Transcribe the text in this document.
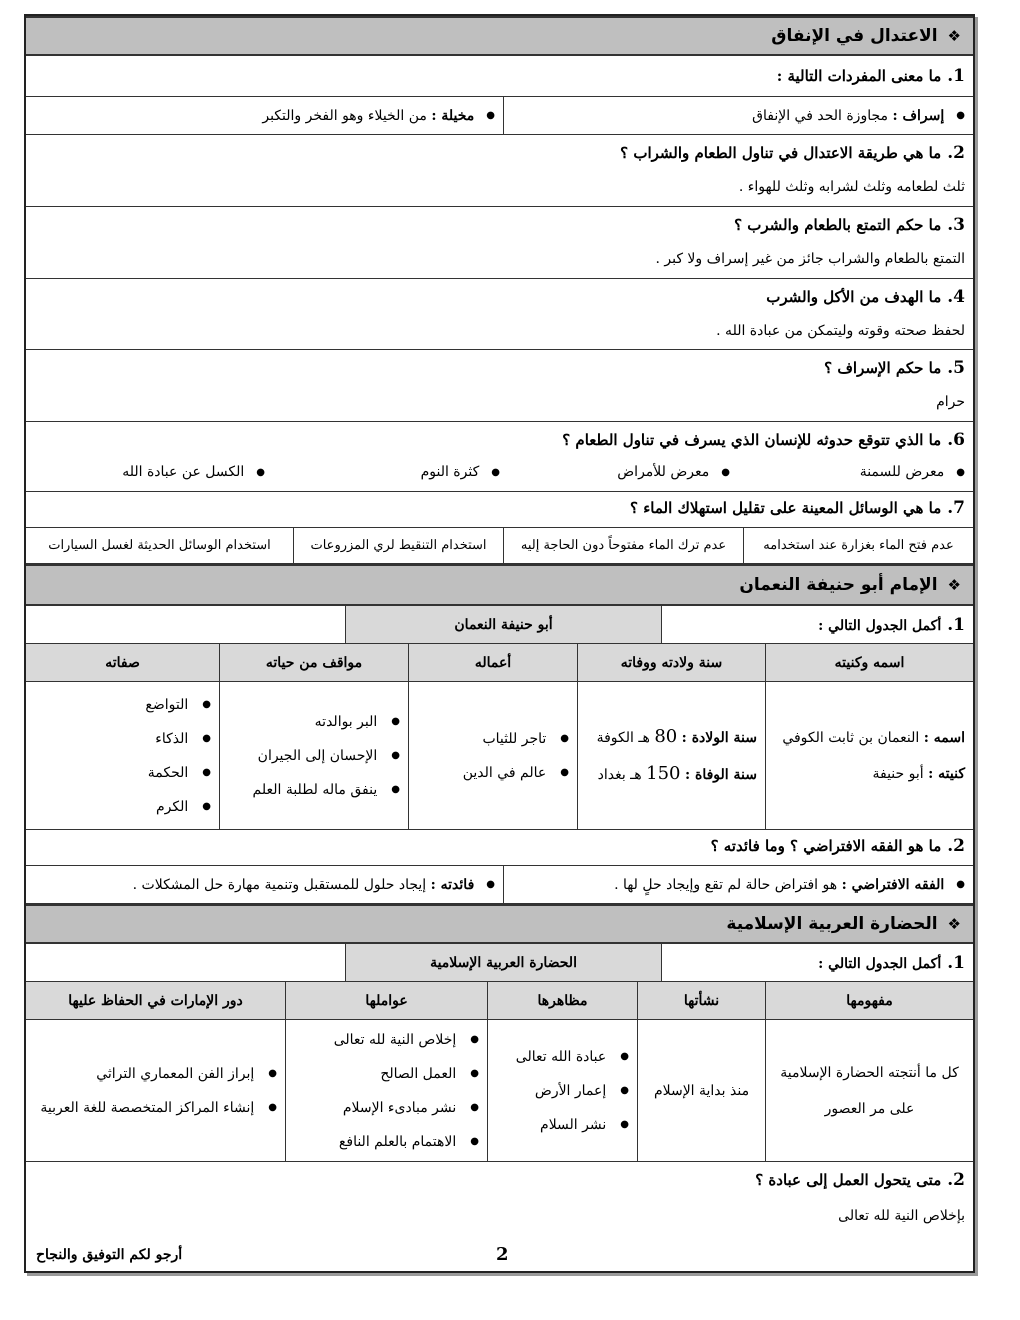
❖الاعتدال في الإنفاق
1.ما معنى المفردات التالية :
●
إسراف :

مجاوزة الحد في الإنفاق
●
مخيلة :

من الخيلاء وهو الفخر والتكبر
2.ما هي طريقة الاعتدال في تناول الطعام والشراب ؟
ثلث لطعامه وثلث لشرابه وثلث للهواء .
3.ما حكم التمتع بالطعام والشرب ؟
التمتع بالطعام والشراب جائز من غير إسراف ولا كبر .
4.ما الهدف من الأكل والشرب
لحفظ صحته وقوته وليتمكن من عبادة الله .
5.ما حكم الإسراف ؟
حرام
6.ما الذي تتوقع حدوثه للإنسان الذي يسرف في تناول الطعام ؟
● معرض للسمنة
● معرض للأمراض
● كثرة النوم
● الكسل عن عبادة الله
7.ما هي الوسائل المعينة على تقليل استهلاك الماء ؟
عدم فتح الماء بغزارة عند استخدامه
عدم ترك الماء مفتوحاً دون الحاجة إليه
استخدام التنقيط لري المزروعات
استخدام الوسائل الحديثة لغسل السيارات
❖الإمام أبو حنيفة النعمان
1.أكمل الجدول التالي :
أبو حنيفة النعمان
اسمه وكنيته
سنة ولادته ووفاته
أعماله
مواقف من حياته
صفاته
اسمه : النعمان بن ثابت الكوفي
كنيته : أبو حنيفة
سنة الولادة : 80 هـ الكوفة
سنة الوفاة : 150 هـ بغداد
● تاجر للثياب
● عالم في الدين
● البر بوالدته
● الإحسان إلى الجيران
● ينفق ماله لطلبة العلم
● التواضع
● الذكاء
● الحكمة
● الكرم
2.ما هو الفقه الافتراضي ؟ وما فائدته ؟
●
الفقه الافتراضي :

هو افتراض حالة لم تقع وإيجاد حلٍ لها .
●
فائدته :

إيجاد حلول للمستقبل وتنمية مهارة حل المشكلات .
❖الحضارة العربية الإسلامية
1.أكمل الجدول التالي :
الحضارة العربية الإسلامية
مفهومها
نشأتها
مظاهرها
عواملها
دور الإمارات في الحفاظ عليها
كل ما أنتجته الحضارة الإسلامية على مر العصور
منذ بداية الإسلام
● عبادة الله تعالى
● إعمار الأرض
● نشر السلام
● إخلاص النية لله تعالى
● العمل الصالح
● نشر مبادىء الإسلام
● الاهتمام بالعلم النافع
● إبراز الفن المعماري التراثي
● إنشاء المراكز المتخصصة للغة العربية
2.متى يتحول العمل إلى عبادة ؟
بإخلاص النية لله تعالى
أرجو لكم التوفيق والنجاح	2
